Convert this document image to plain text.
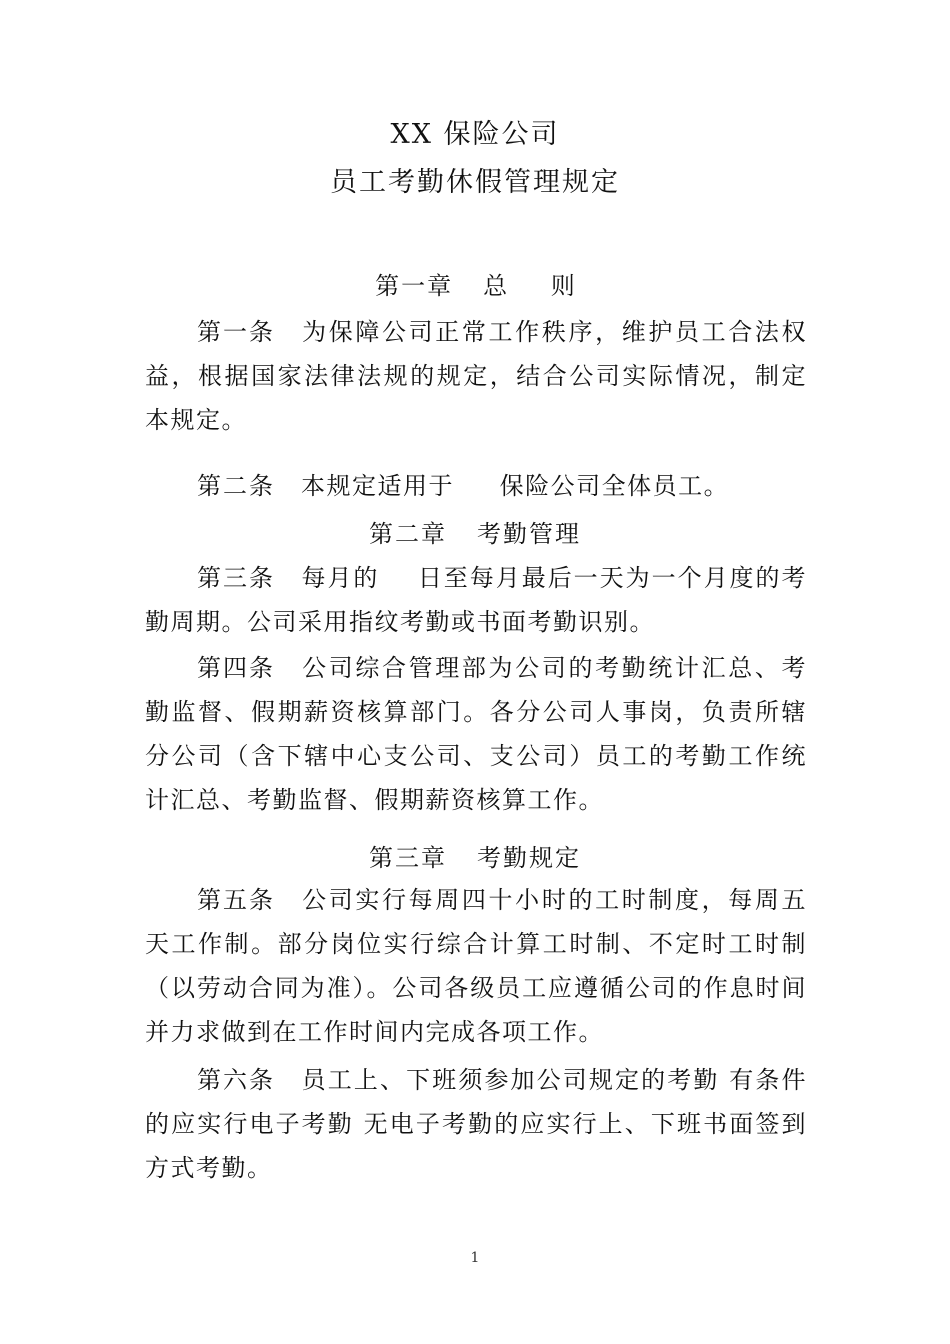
XX 保险公司
员工考勤休假管理规定
第一章 总 则
第一条 为保障公司正常工作秩序，维护员工合法权益，根据国家法律法规的规定，结合公司实际情况，制定本规定。
第二条 本规定适用于     保险公司全体员工。
第二章 考勤管理
第三条 每月的    日至每月最后一天为一个月度的考勤周期。公司采用指纹考勤或书面考勤识别。
第四条 公司综合管理部为公司的考勤统计汇总、考勤监督、假期薪资核算部门。各分公司人事岗，负责所辖分公司（含下辖中心支公司、支公司）员工的考勤工作统计汇总、考勤监督、假期薪资核算工作。
第三章 考勤规定
第五条 公司实行每周四十小时的工时制度，每周五天工作制。部分岗位实行综合计算工时制、不定时工时制（以劳动合同为准）。公司各级员工应遵循公司的作息时间并力求做到在工作时间内完成各项工作。
第六条 员工上、下班须参加公司规定的考勤 有条件的应实行电子考勤 无电子考勤的应实行上、下班书面签到方式考勤。
1
